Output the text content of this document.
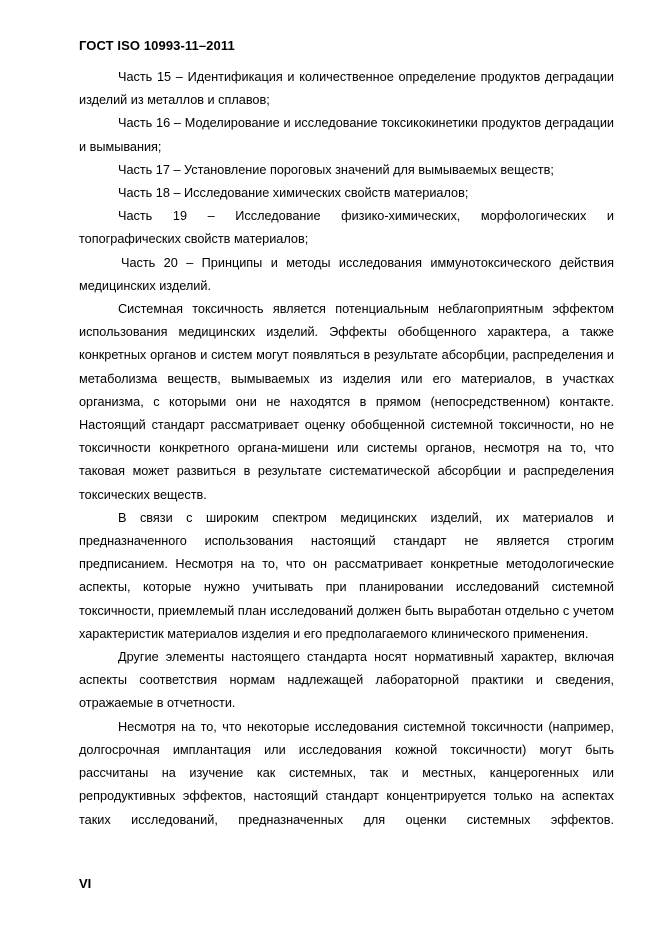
ГОСТ ISO 10993-11–2011

Часть 15 – Идентификация и количественное определение продуктов деградации изделий из металлов и сплавов;

Часть 16 – Моделирование и исследование токсикокинетики продуктов деградации и вымывания;

Часть 17 – Установление пороговых значений для вымываемых веществ;

Часть 18 – Исследование химических свойств материалов;

Часть 19 – Исследование физико-химических, морфологических и топографических свойств материалов;

Часть 20 – Принципы и методы исследования иммунотоксического действия медицинских изделий.

Системная токсичность является потенциальным неблагоприятным эффектом использования медицинских изделий. Эффекты обобщенного характера, а также конкретных органов и систем могут появляться в результате абсорбции, распределения и метаболизма веществ, вымываемых из изделия или его материалов, в участках организма, с которыми они не находятся в прямом (непосредственном) контакте. Настоящий стандарт рассматривает оценку обобщенной системной токсичности, но не токсичности конкретного органа-мишени или системы органов, несмотря на то, что таковая может развиться в результате систематической абсорбции и распределения токсических веществ.

В связи с широким спектром медицинских изделий, их материалов и предназначенного использования настоящий стандарт не является строгим предписанием. Несмотря на то, что он рассматривает конкретные методологические аспекты, которые нужно учитывать при планировании исследований системной токсичности, приемлемый план исследований должен быть выработан отдельно с учетом характеристик материалов изделия и его предполагаемого клинического применения.

Другие элементы настоящего стандарта носят нормативный характер, включая аспекты соответствия нормам надлежащей лабораторной практики и сведения, отражаемые в отчетности.

Несмотря на то, что некоторые исследования системной токсичности (например, долгосрочная имплантация или исследования кожной токсичности) могут быть рассчитаны на изучение как системных, так и местных, канцерогенных или репродуктивных эффектов, настоящий стандарт концентрируется только на аспектах таких исследований, предназначенных для оценки системных эффектов.

VI
